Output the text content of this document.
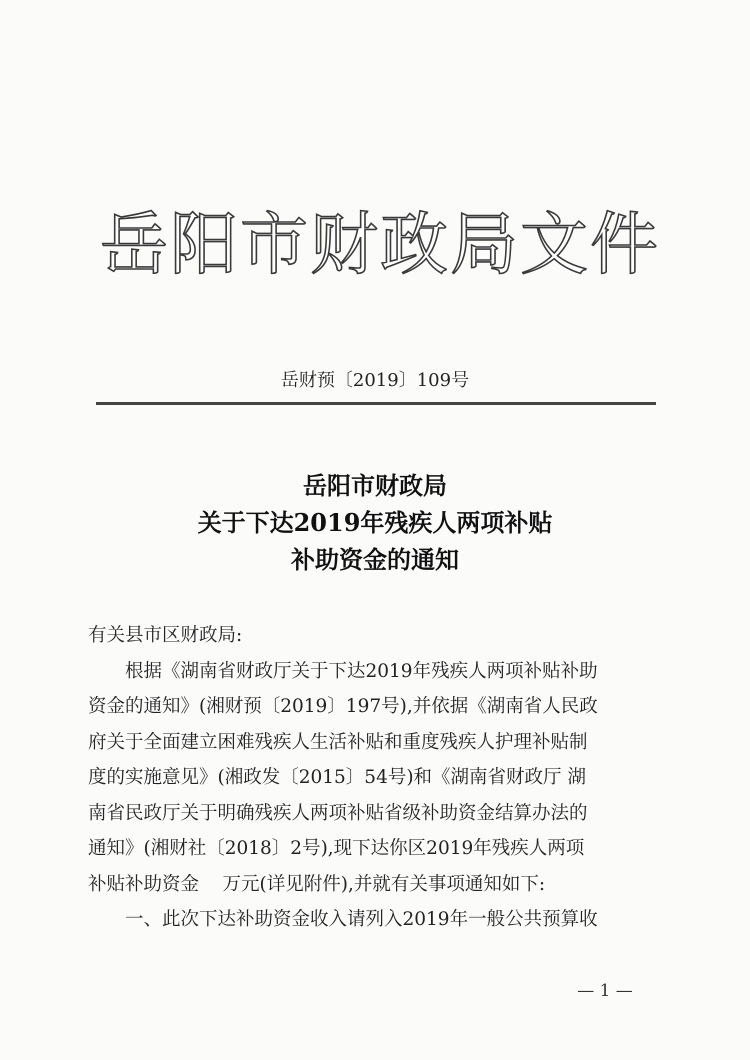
岳阳市财政局文件
岳财预〔2019〕109号
岳阳市财政局
关于下达2019年残疾人两项补贴
补助资金的通知
有关县市区财政局:
根据《湖南省财政厅关于下达2019年残疾人两项补贴补助
资金的通知》(湘财预〔2019〕197号),并依据《湖南省人民政
府关于全面建立困难残疾人生活补贴和重度残疾人护理补贴制
度的实施意见》(湘政发〔2015〕54号)和《湖南省财政厅 湖
南省民政厅关于明确残疾人两项补贴省级补助资金结算办法的
通知》(湘财社〔2018〕2号),现下达你区2019年残疾人两项
补贴补助资金    万元(详见附件),并就有关事项通知如下:
一、此次下达补助资金收入请列入2019年一般公共预算收
— 1 —
